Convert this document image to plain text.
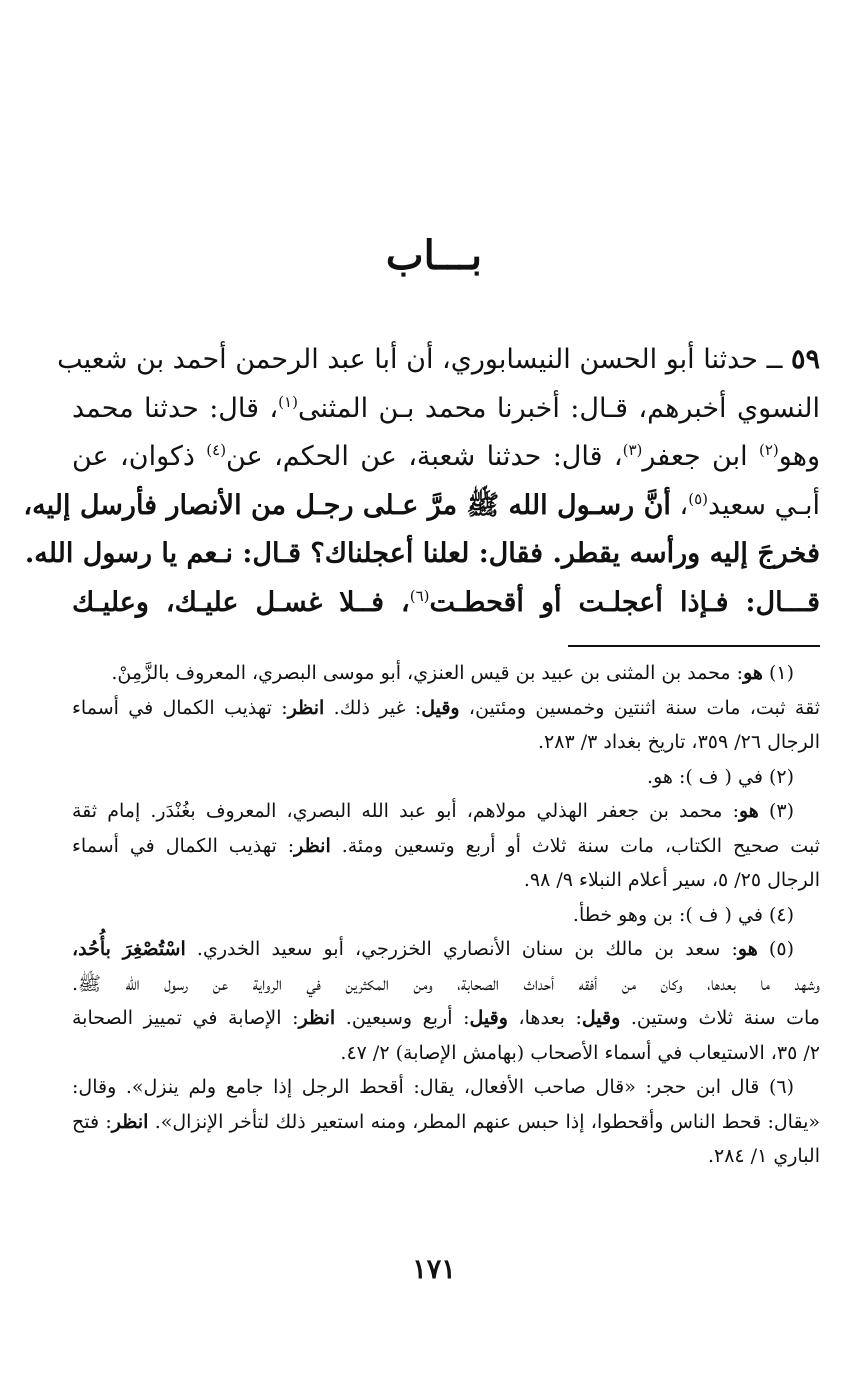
بـــاب
٥٩ ــ حدثنا أبو الحسن النيسابوري، أن أبا عبد الرحمن أحمد بن شعيب
النسوي أخبرهم، قـال: أخبرنا محمد بـن المثنى$^{(١)}$، قال: حدثنا محمد
وهو$^{(٢)}$ ابن جعفر$^{(٣)}$، قال: حدثنا شعبة، عن الحكم، عن$^{(٤)}$ ذكوان، عن
أبـي سعيد$^{(٥)}$، أنَّ رسـول الله ﷺ مرَّ عـلى رجـل من الأنصار فأرسل إليه،
فخرجَ إليه ورأسه يقطر. فقال: لعلنا أعجلناك؟ قـال: نـعم يا رسول الله.
قـــال: فـإذا أعجلـت أو أقحطـت$^{(٦)}$، فــلا غسـل عليـك، وعليـك
(١) هو: محمد بن المثنى بن عبيد بن قيس العنزي، أبو موسى البصري، المعروف بالزَّمِنْ.
ثقة ثبت، مات سنة اثنتين وخمسين ومئتين، وقيل: غير ذلك. انظر: تهذيب الكمال في أسماء
الرجال ٢٦/ ٣٥٩، تاريخ بغداد ٣/ ٢٨٣.
(٢) في ( ف ): هو.
(٣) هو: محمد بن جعفر الهذلي مولاهم، أبو عبد الله البصري، المعروف بغُنْدَر. إمام ثقة
ثبت صحيح الكتاب، مات سنة ثلاث أو أربع وتسعين ومئة. انظر: تهذيب الكمال في أسماء
الرجال ٢٥/ ٥، سير أعلام النبلاء ٩/ ٩٨.
(٤) في ( ف ): بن وهو خطأ.
(٥) هو: سعد بن مالك بن سنان الأنصاري الخزرجي، أبو سعيد الخدري. اسْتُصْغِرَ بأُحُد،
وشهد ما بعدها، وكان من أفقه أحداث الصحابة، ومن المكثرين في الرواية عن رسول الله ﷺ.
مات سنة ثلاث وستين. وقيل: بعدها، وقيل: أربع وسبعين. انظر: الإصابة في تمييز الصحابة
٢/ ٣٥، الاستيعاب في أسماء الأصحاب (بهامش الإصابة) ٢/ ٤٧.
(٦) قال ابن حجر: «قال صاحب الأفعال، يقال: أقحط الرجل إذا جامع ولم ينزل». وقال:
«يقال: قحط الناس وأقحطوا، إذا حبس عنهم المطر، ومنه استعير ذلك لتأخر الإنزال». انظر: فتح
الباري ١/ ٢٨٤.
١٧١
